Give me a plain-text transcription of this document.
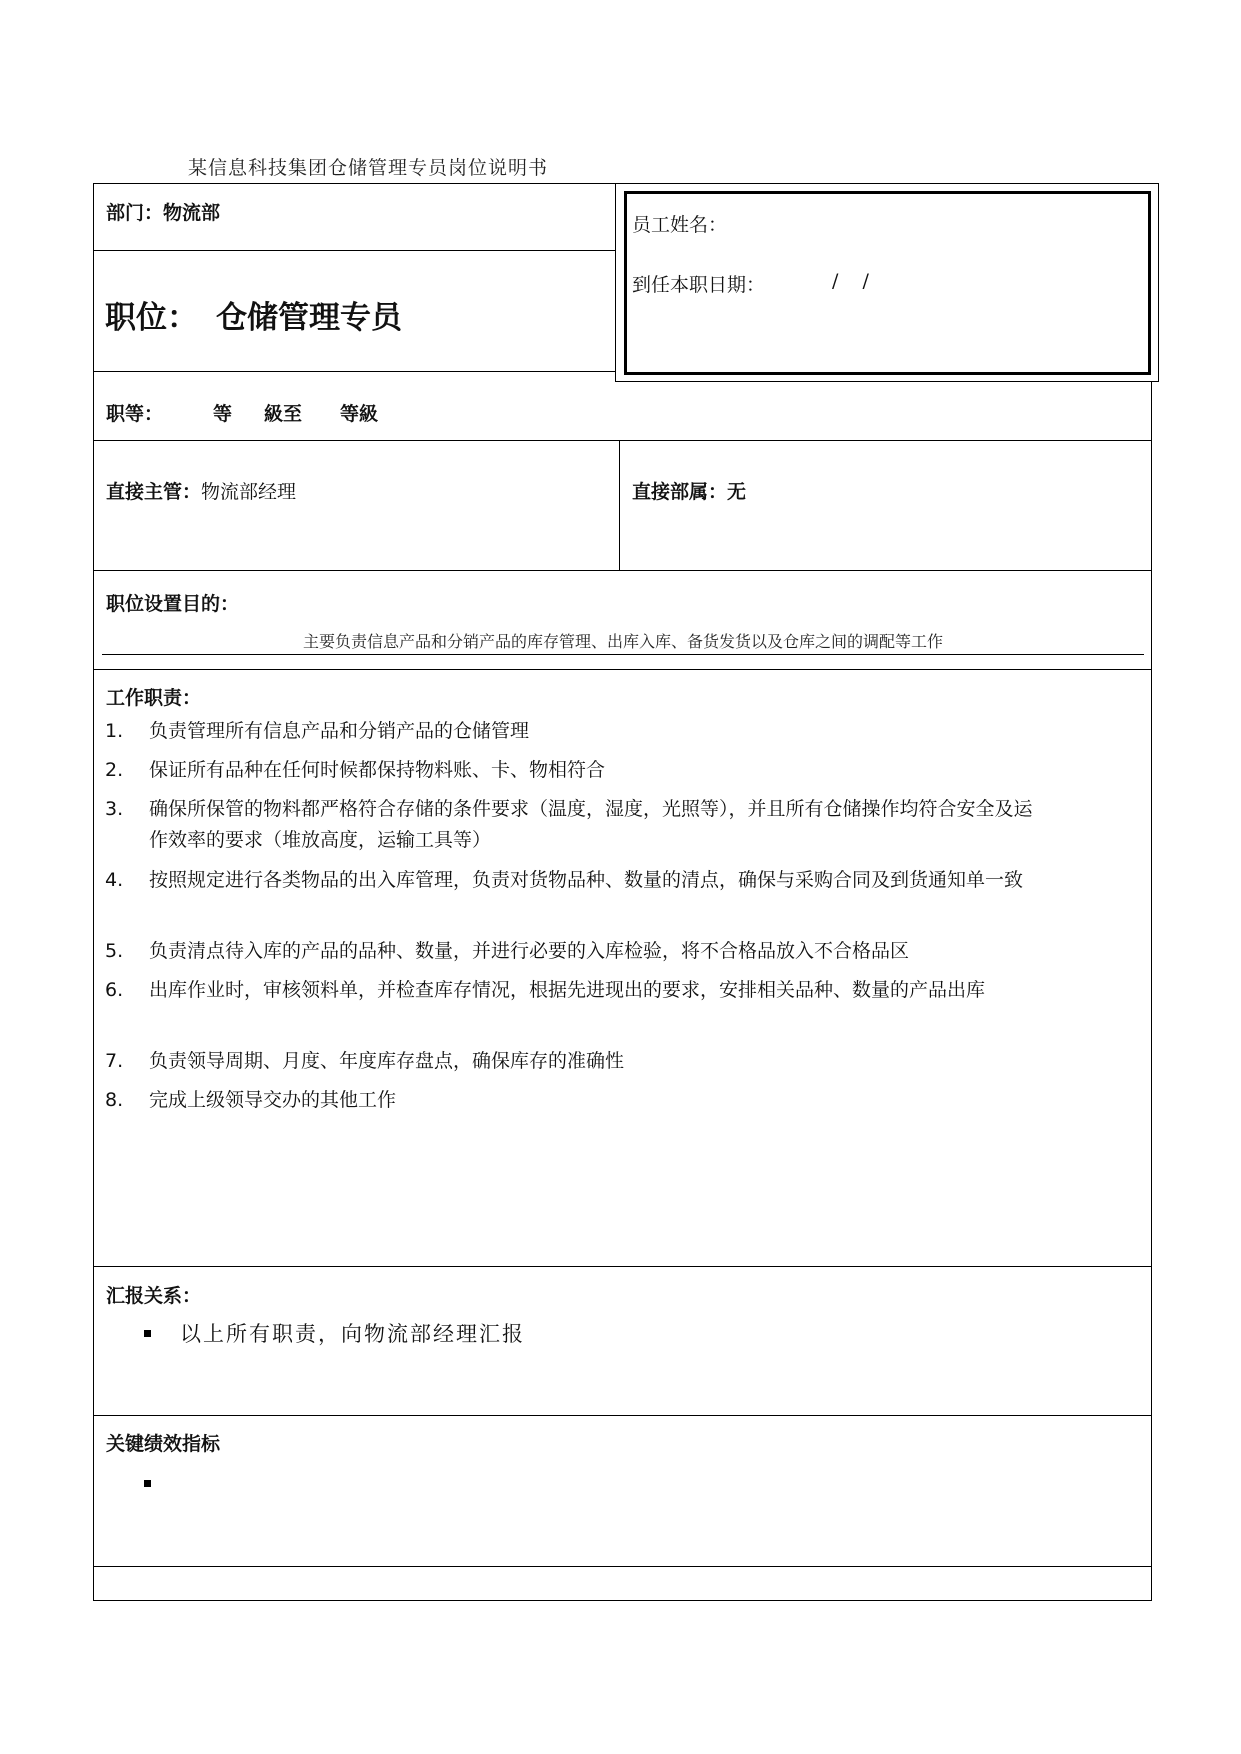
某信息科技集团仓储管理专员岗位说明书
员工姓名：
到任本职日期：	/    /
部门：物流部
职位： 仓储管理专员
职等：	等 級至 等級
直接主管：物流部经理	直接部属：无
职位设置目的：
主要负责信息产品和分销产品的库存管理、出库入库、备货发货以及仓库之间的调配等工作
工作职责：
1. 负责管理所有信息产品和分销产品的仓储管理
2. 保证所有品种在任何时候都保持物料账、卡、物相符合
3. 确保所保管的物料都严格符合存储的条件要求（温度，湿度，光照等），并且所有仓储操作均符合安全及运作效率的要求（堆放高度，运输工具等）
4. 按照规定进行各类物品的出入库管理，负责对货物品种、数量的清点，确保与采购合同及到货通知单一致
5. 负责清点待入库的产品的品种、数量，并进行必要的入库检验，将不合格品放入不合格品区
6. 出库作业时，审核领料单，并检查库存情况，根据先进现出的要求，安排相关品种、数量的产品出库
7. 负责领导周期、月度、年度库存盘点，确保库存的准确性
8. 完成上级领导交办的其他工作
汇报关系：
以上所有职责，向物流部经理汇报
关键绩效指标
